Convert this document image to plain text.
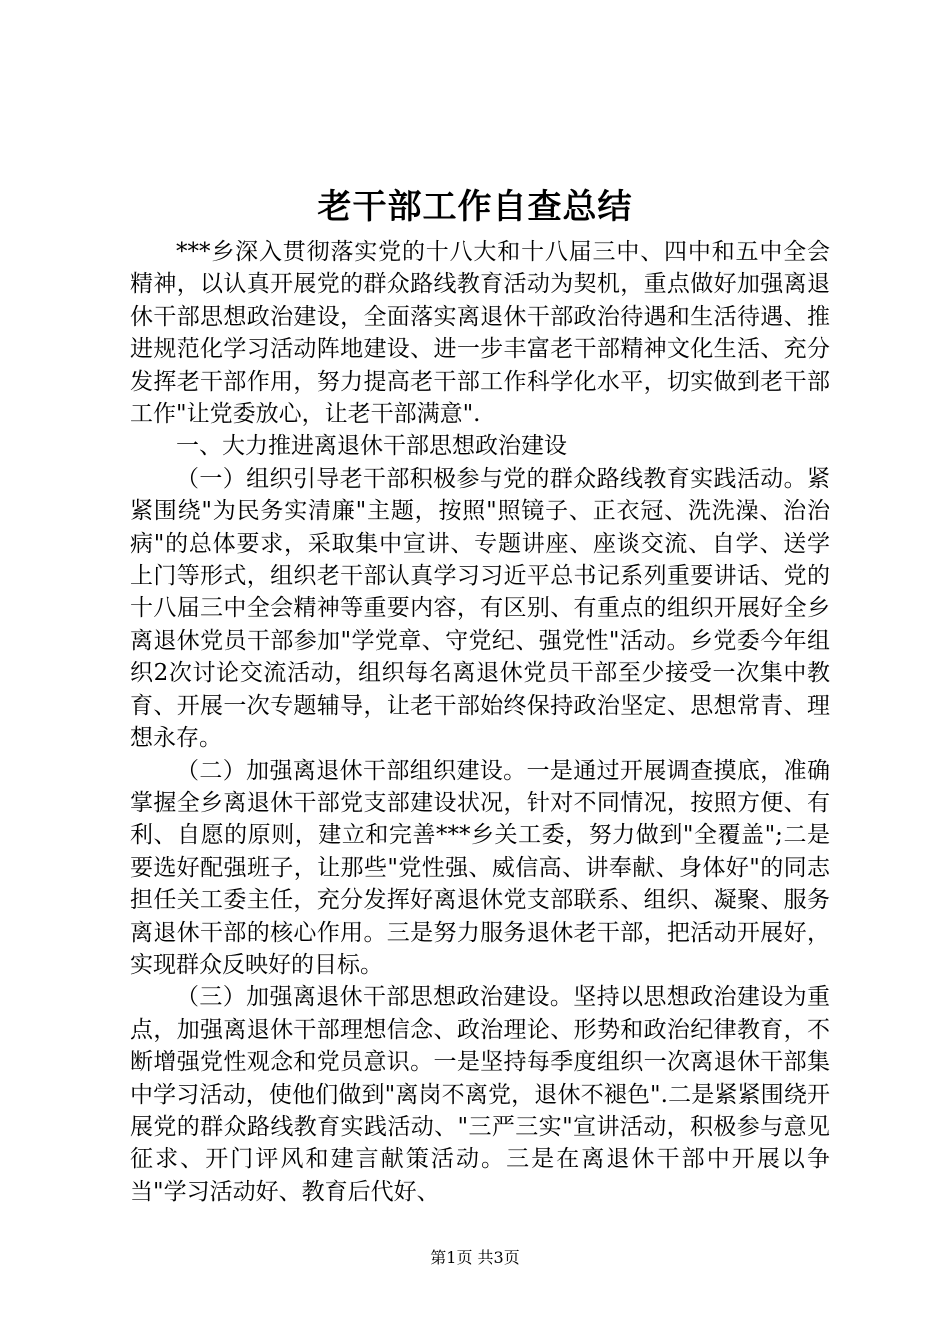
老干部工作自查总结

***乡深入贯彻落实党的十八大和十八届三中、四中和五中全会精神，以认真开展党的群众路线教育活动为契机，重点做好加强离退休干部思想政治建设，全面落实离退休干部政治待遇和生活待遇、推进规范化学习活动阵地建设、进一步丰富老干部精神文化生活、充分发挥老干部作用，努力提高老干部工作科学化水平，切实做到老干部工作"让党委放心，让老干部满意".

一、大力推进离退休干部思想政治建设

（一）组织引导老干部积极参与党的群众路线教育实践活动。紧紧围绕"为民务实清廉"主题，按照"照镜子、正衣冠、洗洗澡、治治病"的总体要求，采取集中宣讲、专题讲座、座谈交流、自学、送学上门等形式，组织老干部认真学习习近平总书记系列重要讲话、党的十八届三中全会精神等重要内容，有区别、有重点的组织开展好全乡离退休党员干部参加"学党章、守党纪、强党性"活动。乡党委今年组织2次讨论交流活动，组织每名离退休党员干部至少接受一次集中教育、开展一次专题辅导，让老干部始终保持政治坚定、思想常青、理想永存。

（二）加强离退休干部组织建设。一是通过开展调查摸底，准确掌握全乡离退休干部党支部建设状况，针对不同情况，按照方便、有利、自愿的原则，建立和完善***乡关工委，努力做到"全覆盖";二是要选好配强班子，让那些"党性强、威信高、讲奉献、身体好"的同志担任关工委主任，充分发挥好离退休党支部联系、组织、凝聚、服务离退休干部的核心作用。三是努力服务退休老干部，把活动开展好，实现群众反映好的目标。

（三）加强离退休干部思想政治建设。坚持以思想政治建设为重点，加强离退休干部理想信念、政治理论、形势和政治纪律教育，不断增强党性观念和党员意识。一是坚持每季度组织一次离退休干部集中学习活动，使他们做到"离岗不离党，退休不褪色".二是紧紧围绕开展党的群众路线教育实践活动、"三严三实"宣讲活动，积极参与意见征求、开门评风和建言献策活动。三是在离退休干部中开展以争当"学习活动好、教育后代好、

第1页 共3页
